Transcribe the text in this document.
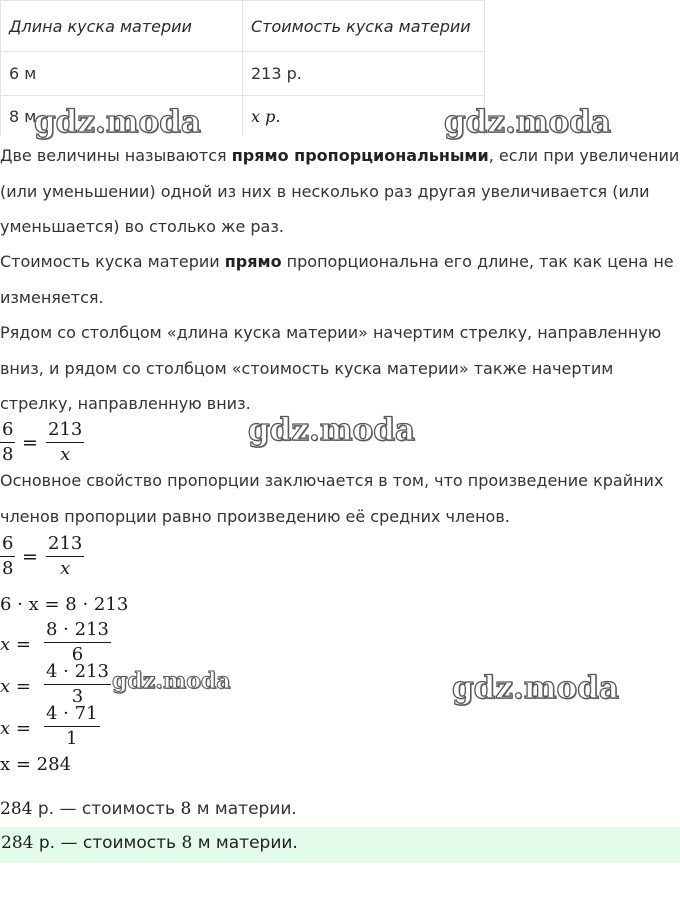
Длина куска материи	Стоимость куска материи
6 м	213 р.
8 м	x р.

Две величины называются прямо пропорциональными, если при увеличении (или уменьшении) одной из них в несколько раз другая увеличивается (или уменьшается) во столько же раз.

Стоимость куска материи прямо пропорциональна его длине, так как цена не изменяется.

Рядом со столбцом «длина куска материи» начертим стрелку, направленную вниз, и рядом со столбцом «стоимость куска материи» также начертим стрелку, направленную вниз.

6
8
=
213
x

Основное свойство пропорции заключается в том, что произведение крайних членов пропорции равно произведению её средних членов.

6
8
=
213
x
6 · x = 8 · 213
x =
8 · 213
6
x =
4 · 213
3
x =
4 · 71
1
x = 284
284 р. — стоимость 8 м материи.
284 р. — стоимость 8 м материи.
gdz.moda	gdz.moda
gdz.moda
gdz.moda	gdz.moda
